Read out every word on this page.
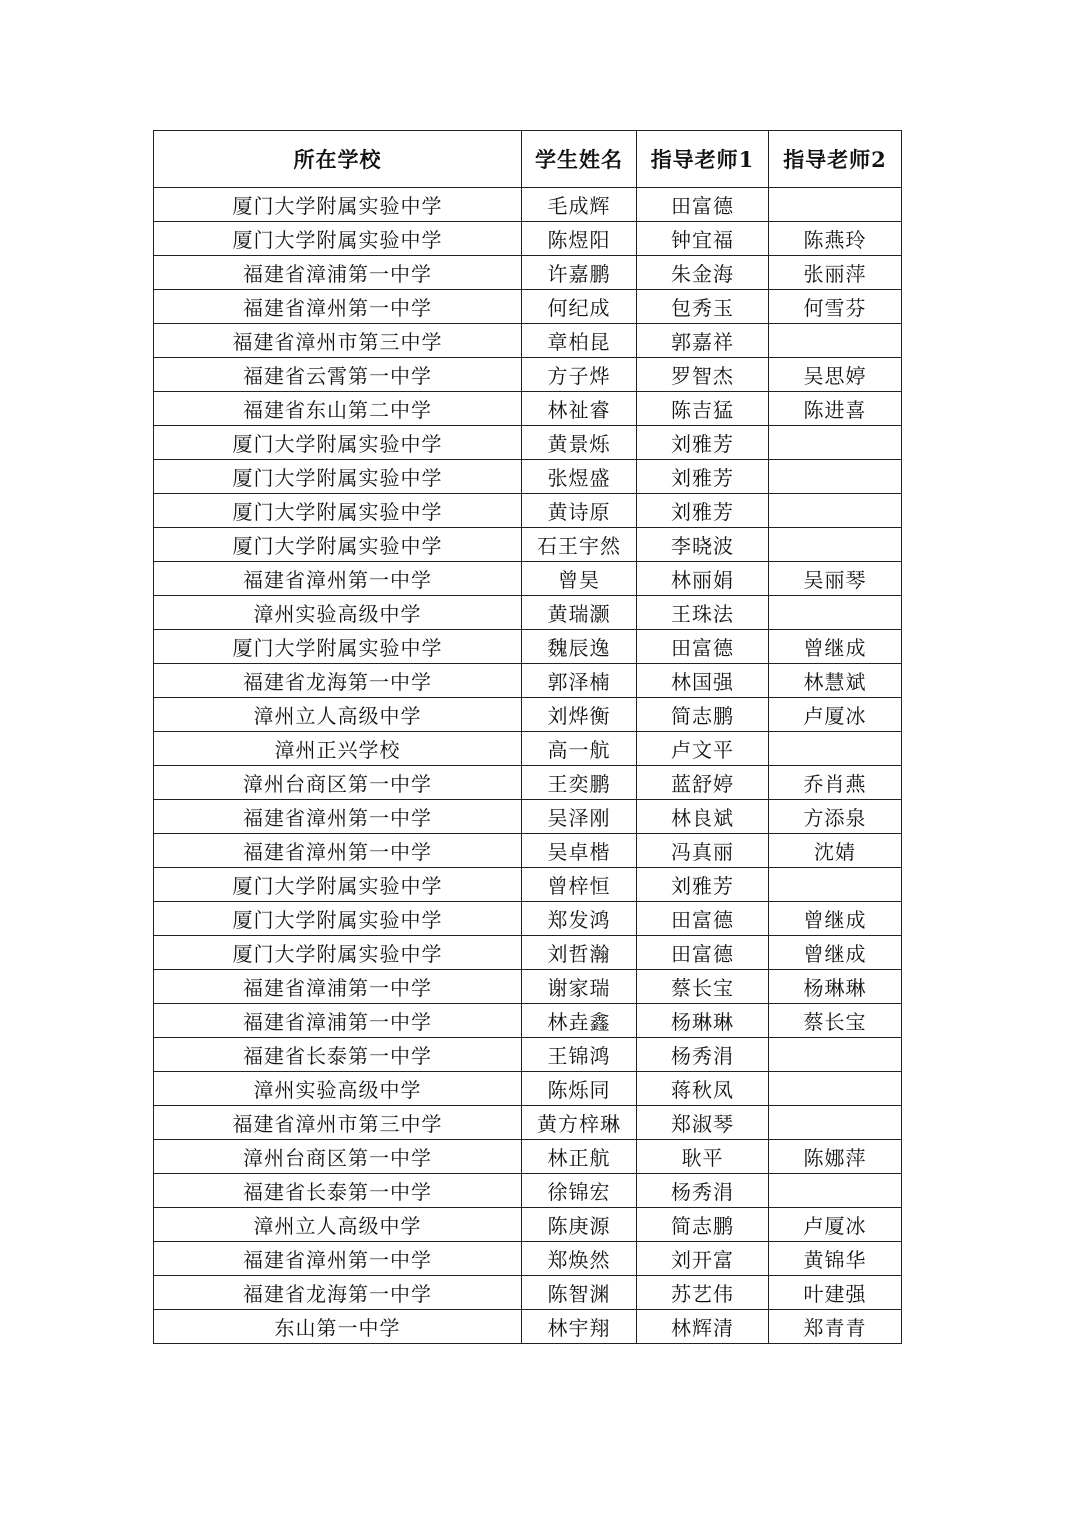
所在学校	学生姓名	指导老师1	指导老师2
厦门大学附属实验中学	毛成辉	田富德	
厦门大学附属实验中学	陈煜阳	钟宜福	陈燕玲
福建省漳浦第一中学	许嘉鹏	朱金海	张丽萍
福建省漳州第一中学	何纪成	包秀玉	何雪芬
福建省漳州市第三中学	章柏昆	郭嘉祥	
福建省云霄第一中学	方子烨	罗智杰	吴思婷
福建省东山第二中学	林祉睿	陈吉猛	陈进喜
厦门大学附属实验中学	黄景烁	刘雅芳	
厦门大学附属实验中学	张煜盛	刘雅芳	
厦门大学附属实验中学	黄诗原	刘雅芳	
厦门大学附属实验中学	石王宇然	李晓波	
福建省漳州第一中学	曾昊	林丽娟	吴丽琴
漳州实验高级中学	黄瑞灏	王珠法	
厦门大学附属实验中学	魏辰逸	田富德	曾继成
福建省龙海第一中学	郭泽楠	林国强	林慧斌
漳州立人高级中学	刘烨衡	简志鹏	卢厦冰
漳州正兴学校	高一航	卢文平	
漳州台商区第一中学	王奕鹏	蓝舒婷	乔肖燕
福建省漳州第一中学	吴泽刚	林良斌	方添泉
福建省漳州第一中学	吴卓楷	冯真丽	沈婧
厦门大学附属实验中学	曾梓恒	刘雅芳	
厦门大学附属实验中学	郑发鸿	田富德	曾继成
厦门大学附属实验中学	刘哲瀚	田富德	曾继成
福建省漳浦第一中学	谢家瑞	蔡长宝	杨琳琳
福建省漳浦第一中学	林垚鑫	杨琳琳	蔡长宝
福建省长泰第一中学	王锦鸿	杨秀涓	
漳州实验高级中学	陈烁同	蒋秋凤	
福建省漳州市第三中学	黄方梓琳	郑淑琴	
漳州台商区第一中学	林正航	耿平	陈娜萍
福建省长泰第一中学	徐锦宏	杨秀涓	
漳州立人高级中学	陈庚源	简志鹏	卢厦冰
福建省漳州第一中学	郑焕然	刘开富	黄锦华
福建省龙海第一中学	陈智渊	苏艺伟	叶建强
东山第一中学	林宇翔	林辉清	郑青青
